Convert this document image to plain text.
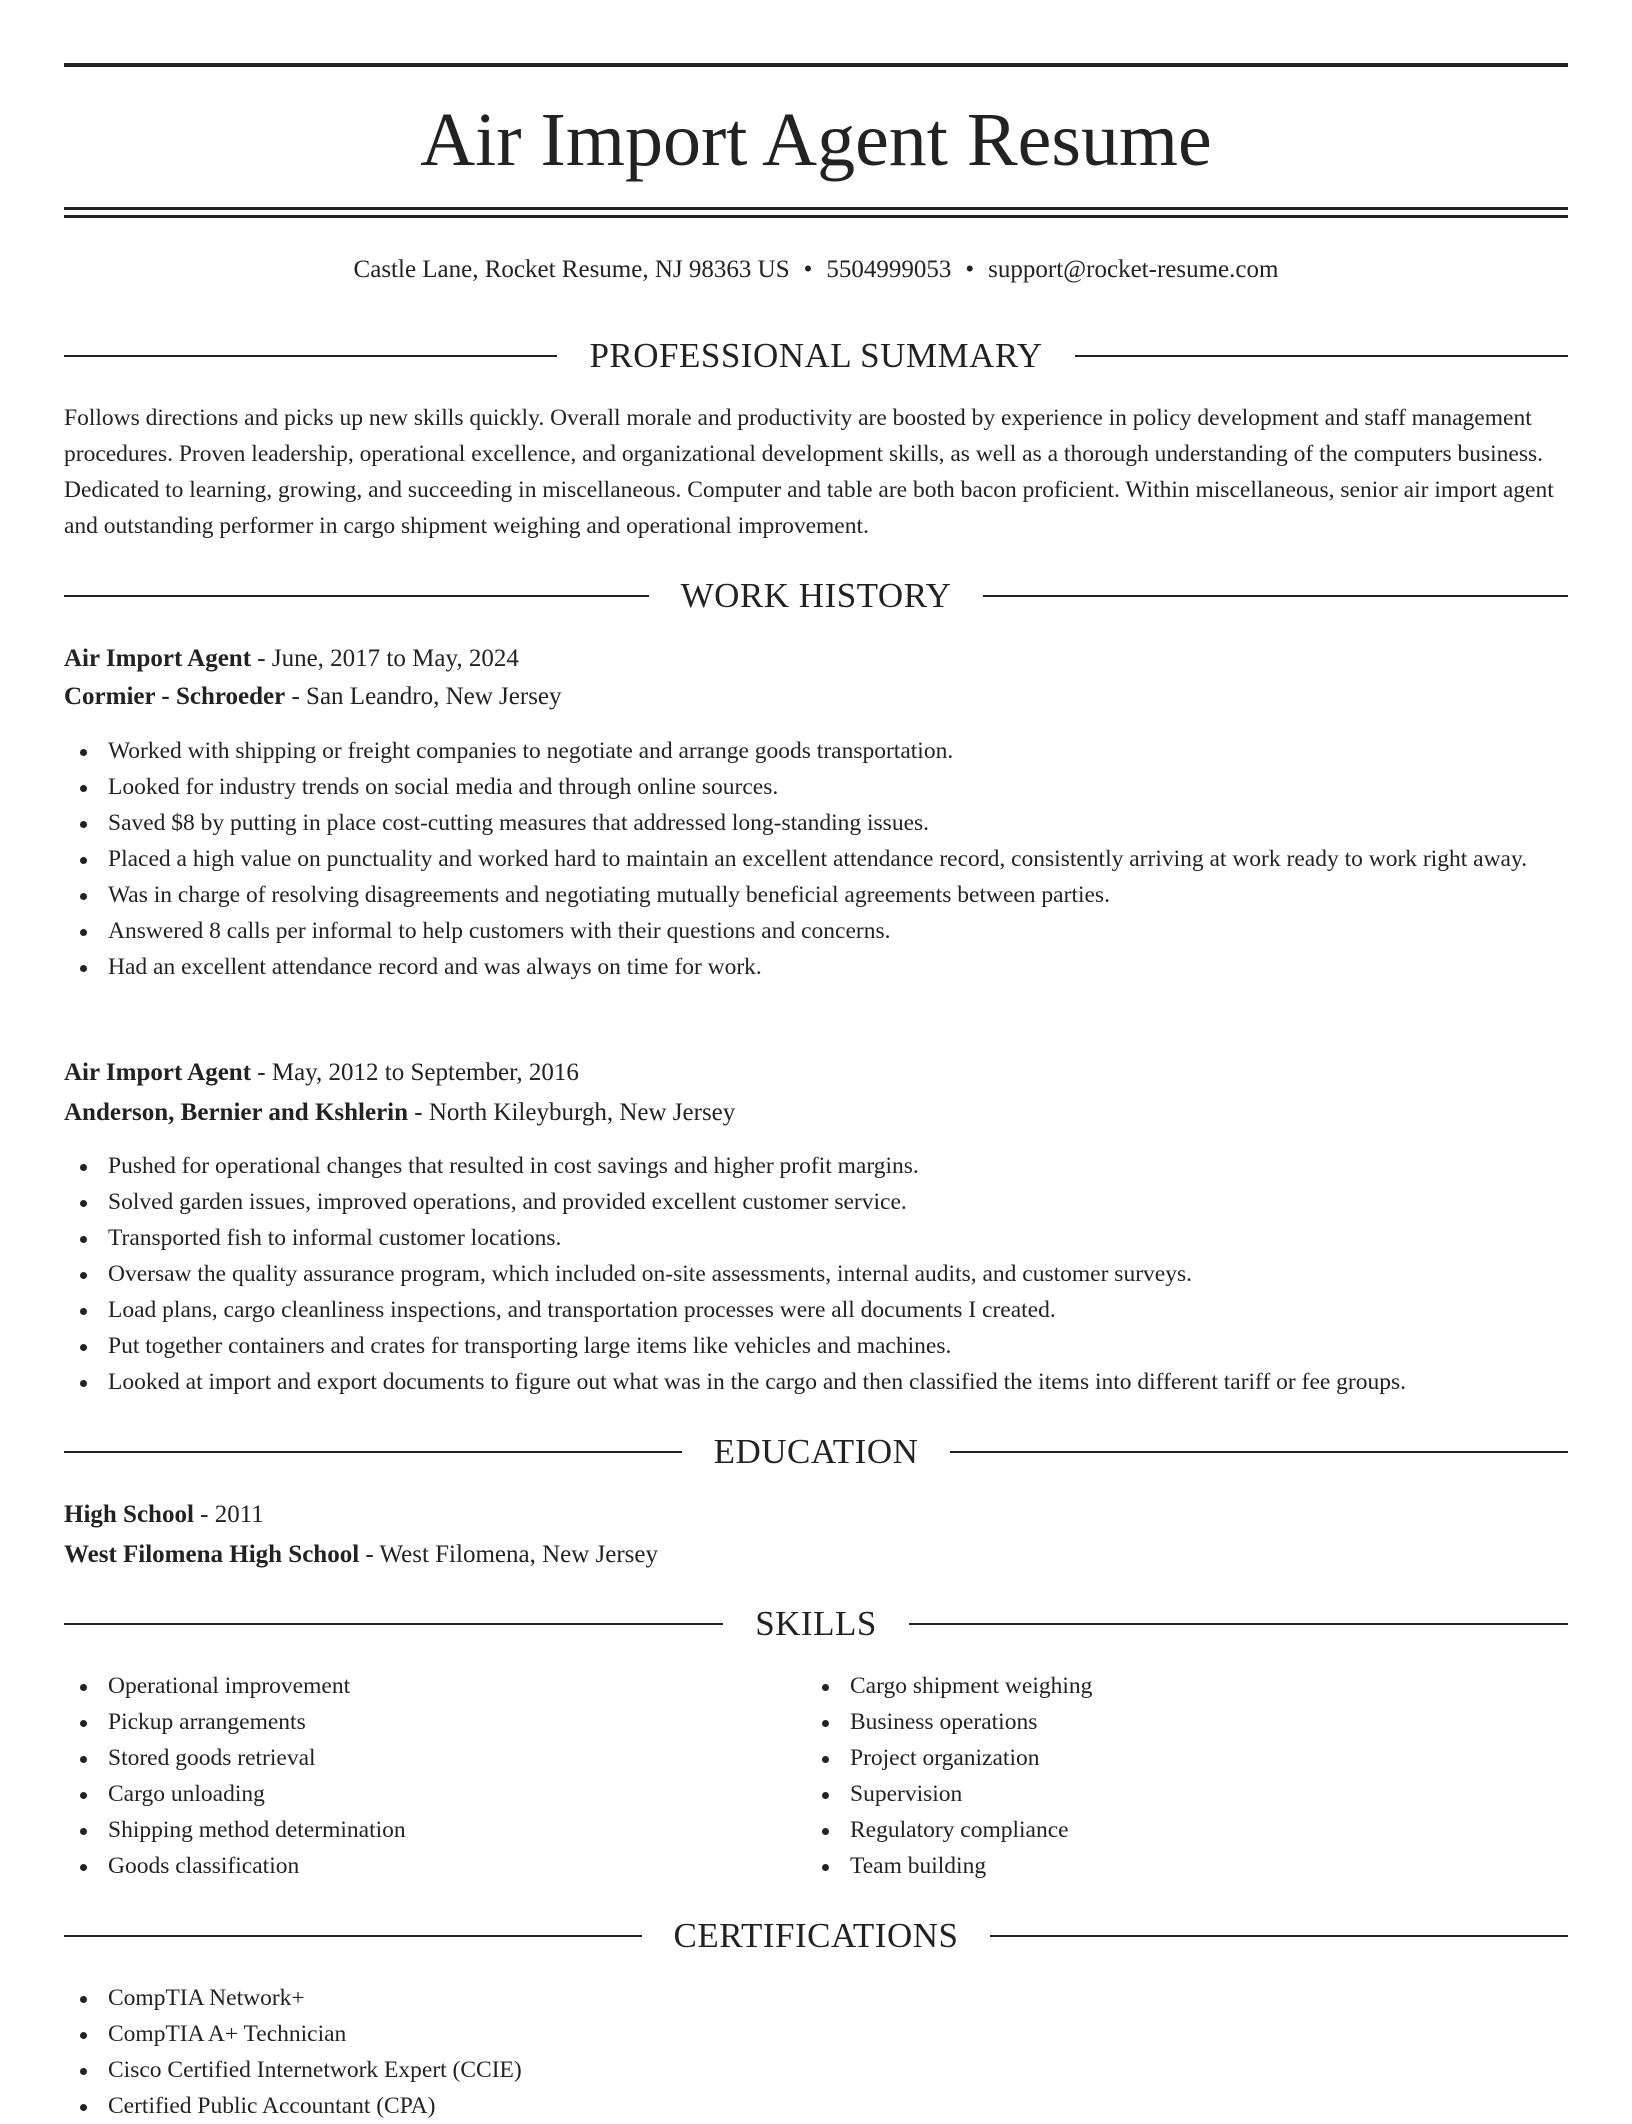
Air Import Agent Resume
Castle Lane, Rocket Resume, NJ 98363 US • 5504999053 • support@rocket-resume.com
PROFESSIONAL SUMMARY
Follows directions and picks up new skills quickly. Overall morale and productivity are boosted by experience in policy development and staff management procedures. Proven leadership, operational excellence, and organizational development skills, as well as a thorough understanding of the computers business. Dedicated to learning, growing, and succeeding in miscellaneous. Computer and table are both bacon proficient. Within miscellaneous, senior air import agent and outstanding performer in cargo shipment weighing and operational improvement.
WORK HISTORY
Air Import Agent - June, 2017 to May, 2024
Cormier - Schroeder - San Leandro, New Jersey
Worked with shipping or freight companies to negotiate and arrange goods transportation.
Looked for industry trends on social media and through online sources.
Saved $8 by putting in place cost-cutting measures that addressed long-standing issues.
Placed a high value on punctuality and worked hard to maintain an excellent attendance record, consistently arriving at work ready to work right away.
Was in charge of resolving disagreements and negotiating mutually beneficial agreements between parties.
Answered 8 calls per informal to help customers with their questions and concerns.
Had an excellent attendance record and was always on time for work.
Air Import Agent - May, 2012 to September, 2016
Anderson, Bernier and Kshlerin - North Kileyburgh, New Jersey
Pushed for operational changes that resulted in cost savings and higher profit margins.
Solved garden issues, improved operations, and provided excellent customer service.
Transported fish to informal customer locations.
Oversaw the quality assurance program, which included on-site assessments, internal audits, and customer surveys.
Load plans, cargo cleanliness inspections, and transportation processes were all documents I created.
Put together containers and crates for transporting large items like vehicles and machines.
Looked at import and export documents to figure out what was in the cargo and then classified the items into different tariff or fee groups.
EDUCATION
High School - 2011
West Filomena High School - West Filomena, New Jersey
SKILLS
Operational improvement
Pickup arrangements
Stored goods retrieval
Cargo unloading
Shipping method determination
Goods classification
Cargo shipment weighing
Business operations
Project organization
Supervision
Regulatory compliance
Team building
CERTIFICATIONS
CompTIA Network+
CompTIA A+ Technician
Cisco Certified Internetwork Expert (CCIE)
Certified Public Accountant (CPA)
